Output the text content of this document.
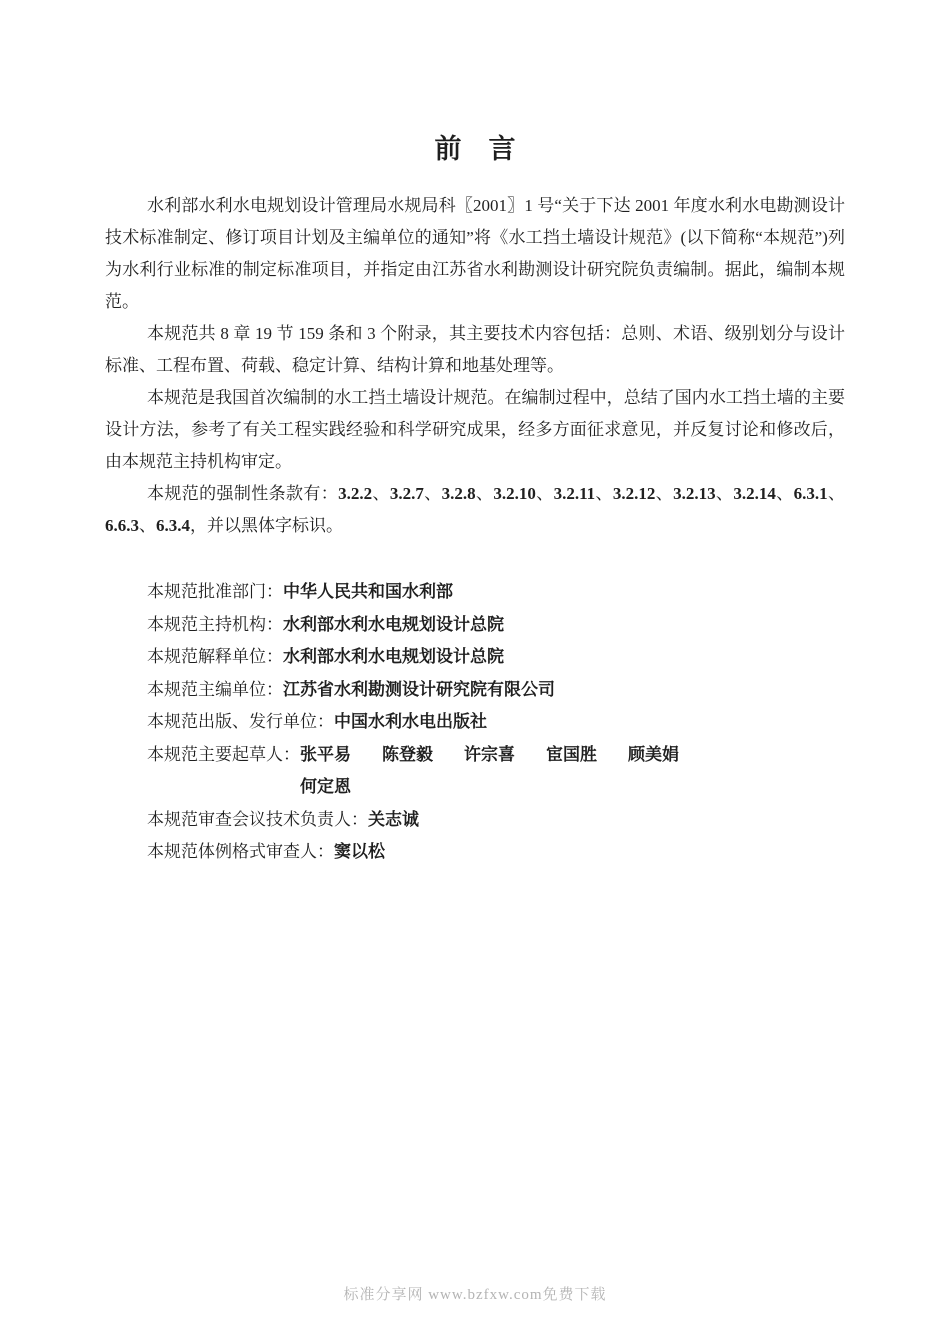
前　言

水利部水利水电规划设计管理局水规局科〖2001〗1 号“关于下达 2001 年度水利水电勘测设计技术标准制定、修订项目计划及主编单位的通知”将《水工挡土墙设计规范》(以下简称“本规范”)列为水利行业标准的制定标准项目，并指定由江苏省水利勘测设计研究院负责编制。据此，编制本规范。

本规范共 8 章 19 节 159 条和 3 个附录，其主要技术内容包括：总则、术语、级别划分与设计标准、工程布置、荷载、稳定计算、结构计算和地基处理等。

本规范是我国首次编制的水工挡土墙设计规范。在编制过程中，总结了国内水工挡土墙的主要设计方法，参考了有关工程实践经验和科学研究成果，经多方面征求意见，并反复讨论和修改后，由本规范主持机构审定。

本规范的强制性条款有：3.2.2、3.2.7、3.2.8、3.2.10、3.2.11、3.2.12、3.2.13、3.2.14、6.3.1、6.6.3、6.3.4，并以黑体字标识。

本规范批准部门： 中华人民共和国水利部
本规范主持机构： 水利部水利水电规划设计总院
本规范解释单位： 水利部水利水电规划设计总院
本规范主编单位： 江苏省水利勘测设计研究院有限公司
本规范出版、发行单位： 中国水利水电出版社
本规范主要起草人： 张平易 陈登毅 许宗喜 宦国胜 顾美娟
何定恩
本规范审查会议技术负责人： 关志诚
本规范体例格式审查人： 窦以松
标准分享网 www.bzfxw.com免费下载
